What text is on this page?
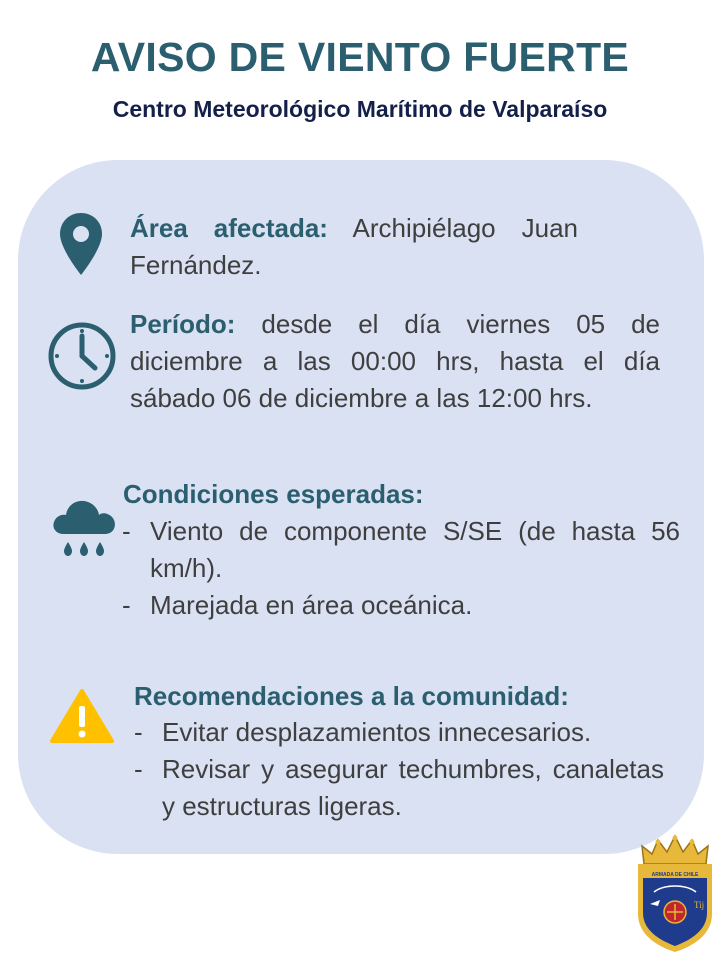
AVISO DE VIENTO FUERTE
Centro Meteorológico Marítimo de Valparaíso
Área afectada: Archipiélago Juan Fernández.
Período: desde el día viernes 05 de diciembre a las 00:00 hrs, hasta el día sábado 06 de diciembre a las 12:00 hrs.
Condiciones esperadas:
- Viento de componente S/SE (de hasta 56 km/h).
- Marejada en área oceánica.
Recomendaciones a la comunidad:
- Evitar desplazamientos innecesarios.
- Revisar y asegurar techumbres, canaletas y estructuras ligeras.
ARMADA DE CHILE
Tij
